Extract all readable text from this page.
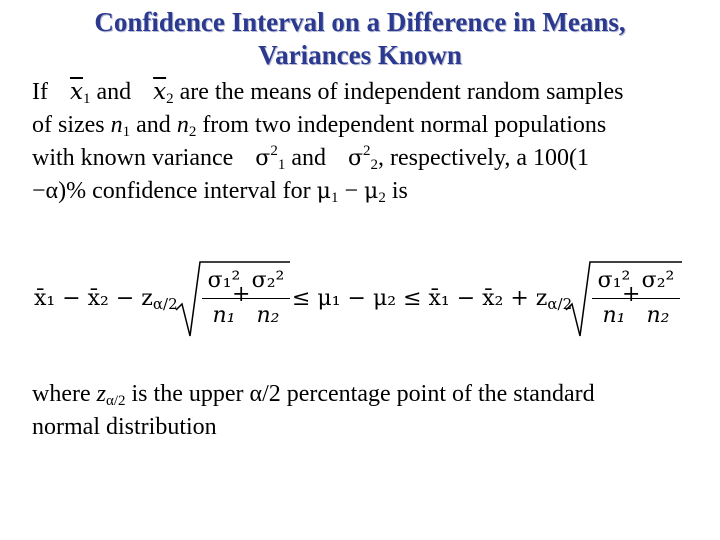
Confidence Interval on a Difference in Means,
Variances Known
If $\overline{x}_1$ and $\overline{x}_2$ are the means of independent random samples
of sizes $n_1$ and $n_2$ from two independent normal populations
with known variance $\sigma^2_1$ and $\sigma^2_2$, respectively, a 100(1
−α)% confidence interval for $\mu_1 - \mu_2$ is
x̄₁ − x̄₂ − $z_{\alpha/2}$
σ₁²
n₁
+
σ₂²
n₂
≤ μ₁ − μ₂ ≤ x̄₁ − x̄₂ + $z_{\alpha/2}$
σ₁²
n₁
+
σ₂²
n₂
where $z_{\alpha/2}$ is the upper α/2 percentage point of the standard
normal distribution
